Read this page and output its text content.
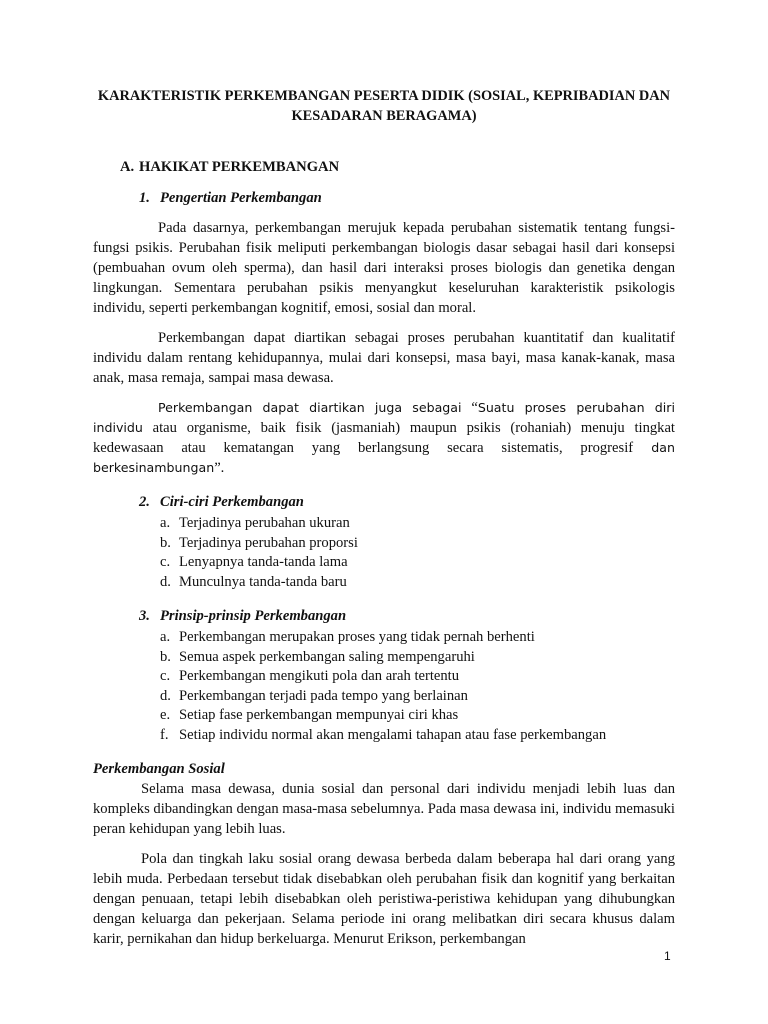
KARAKTERISTIK PERKEMBANGAN PESERTA DIDIK (SOSIAL, KEPRIBADIAN DAN KESADARAN BERAGAMA)
A. HAKIKAT PERKEMBANGAN
1. Pengertian Perkembangan

Pada dasarnya, perkembangan merujuk kepada perubahan sistematik tentang fungsi-fungsi psikis. Perubahan fisik meliputi perkembangan biologis dasar sebagai hasil dari konsepsi (pembuahan ovum oleh sperma), dan hasil dari interaksi proses biologis dan genetika dengan lingkungan. Sementara perubahan psikis menyangkut keseluruhan karakteristik psikologis individu, seperti perkembangan kognitif, emosi, sosial dan moral.

Perkembangan dapat diartikan sebagai proses perubahan kuantitatif dan kualitatif individu dalam rentang kehidupannya, mulai dari konsepsi, masa bayi, masa kanak-kanak, masa anak, masa remaja, sampai masa dewasa.

Perkembangan dapat diartikan juga sebagai “Suatu proses perubahan diri individu atau organisme, baik fisik (jasmaniah) maupun psikis (rohaniah) menuju tingkat kedewasaan atau kematangan yang berlangsung secara sistematis, progresif dan berkesinambungan”.

2. Ciri-ciri Perkembangan
a. Terjadinya perubahan ukuran
b. Terjadinya perubahan proporsi
c. Lenyapnya tanda-tanda lama
d. Munculnya tanda-tanda baru
3. Prinsip-prinsip Perkembangan
a. Perkembangan merupakan proses yang tidak pernah berhenti
b. Semua aspek perkembangan saling mempengaruhi
c. Perkembangan mengikuti pola dan arah tertentu
d. Perkembangan terjadi pada tempo yang berlainan
e. Setiap fase perkembangan mempunyai ciri khas
f. Setiap individu normal akan mengalami tahapan atau fase perkembangan
Perkembangan Sosial

Selama masa dewasa, dunia sosial dan personal dari individu menjadi lebih luas dan kompleks dibandingkan dengan masa-masa sebelumnya. Pada masa dewasa ini, individu memasuki peran kehidupan yang lebih luas.

Pola dan tingkah laku sosial orang dewasa berbeda dalam beberapa hal dari orang yang lebih muda. Perbedaan tersebut tidak disebabkan oleh perubahan fisik dan kognitif yang berkaitan dengan penuaan, tetapi lebih disebabkan oleh peristiwa-peristiwa kehidupan yang dihubungkan dengan keluarga dan pekerjaan. Selama periode ini orang melibatkan diri secara khusus dalam karir, pernikahan dan hidup berkeluarga. Menurut Erikson, perkembangan

1
